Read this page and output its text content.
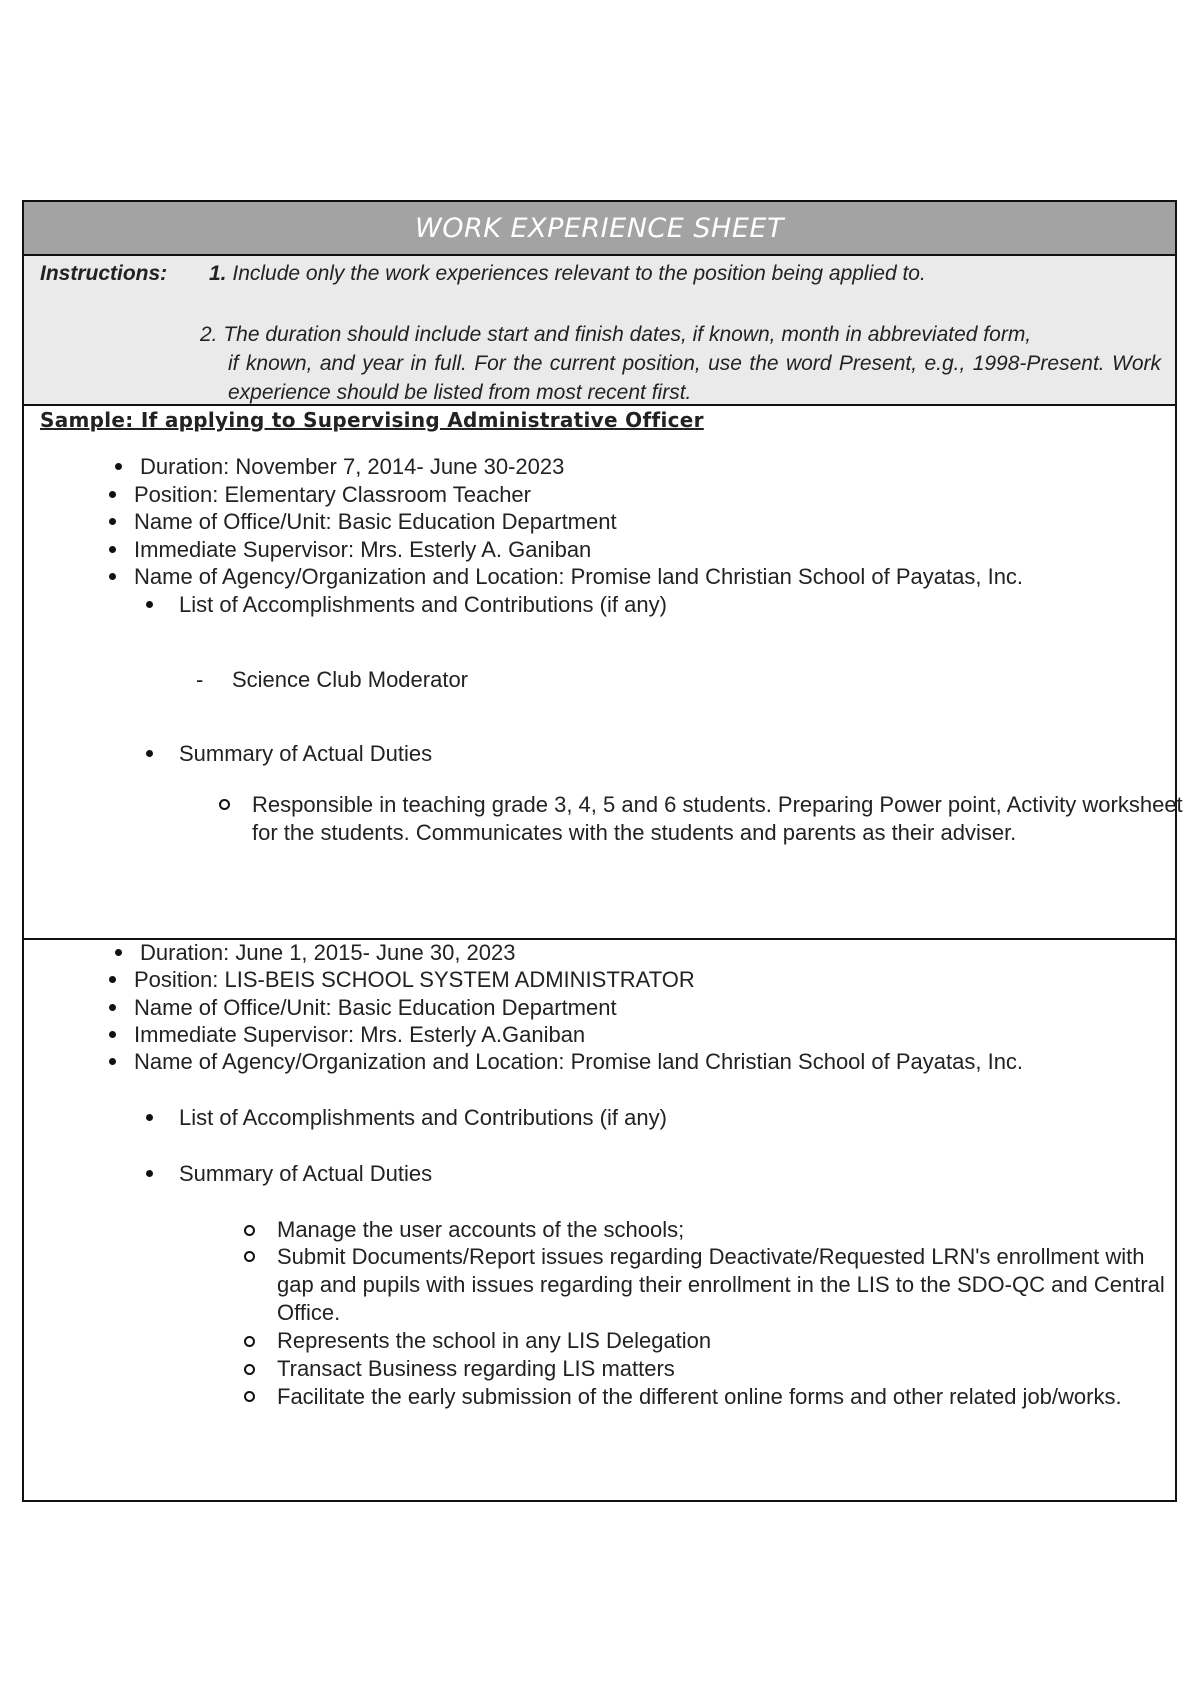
WORK EXPERIENCE SHEET
Instructions: 1. Include only the work experiences relevant to the position being applied to.
2. The duration should include start and finish dates, if known, month in abbreviated form,
if known, and year in full. For the current position, use the word Present, e.g., 1998-Present. Work experience should be listed from most recent first.
Sample: If applying to Supervising Administrative Officer
Duration: November 7, 2014- June 30-2023
Position: Elementary Classroom Teacher
Name of Office/Unit: Basic Education Department
Immediate Supervisor: Mrs. Esterly A. Ganiban
Name of Agency/Organization and Location: Promise land Christian School of Payatas, Inc.
List of Accomplishments and Contributions (if any)
- Science Club Moderator
Summary of Actual Duties
Responsible in teaching grade 3, 4, 5 and 6 students. Preparing Power point, Activity worksheet for the students. Communicates with the students and parents as their adviser.
Duration: June 1, 2015- June 30, 2023
Position: LIS-BEIS SCHOOL SYSTEM ADMINISTRATOR
Name of Office/Unit: Basic Education Department
Immediate Supervisor: Mrs. Esterly A.Ganiban
Name of Agency/Organization and Location: Promise land Christian School of Payatas, Inc.
List of Accomplishments and Contributions (if any)
Summary of Actual Duties
Manage the user accounts of the schools;
Submit Documents/Report issues regarding Deactivate/Requested LRN's enrollment with gap and pupils with issues regarding their enrollment in the LIS to the SDO-QC and Central Office.
Represents the school in any LIS Delegation
Transact Business regarding LIS matters
Facilitate the early submission of the different online forms and other related job/works.
